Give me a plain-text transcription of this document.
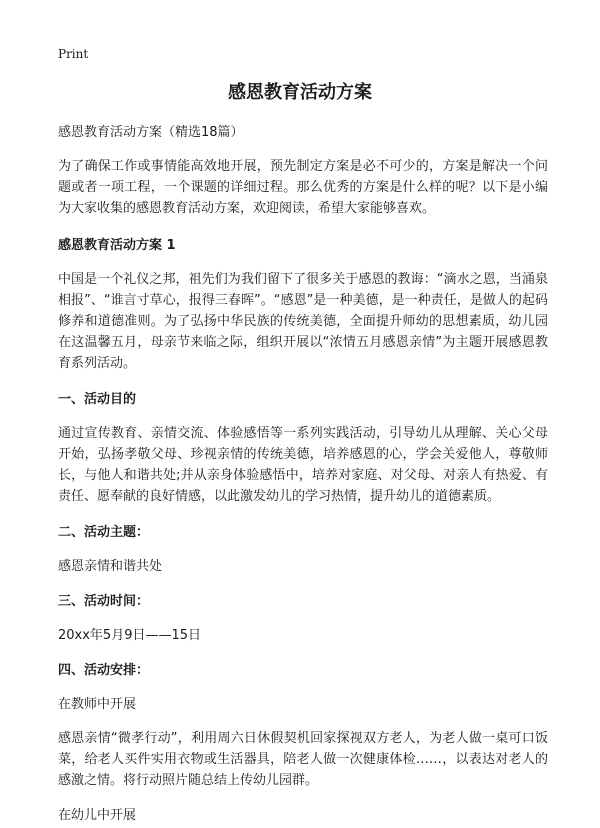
Print
感恩教育活动方案

感恩教育活动方案（精选18篇）

为了确保工作或事情能高效地开展，预先制定方案是必不可少的，方案是解决一个问题或者一项工程，一个课题的详细过程。那么优秀的方案是什么样的呢？以下是小编为大家收集的感恩教育活动方案，欢迎阅读，希望大家能够喜欢。

感恩教育活动方案 1

中国是一个礼仪之邦，祖先们为我们留下了很多关于感恩的教诲：“滴水之恩，当涌泉相报”、“谁言寸草心，报得三春晖”。“感恩”是一种美德，是一种责任，是做人的起码修养和道德准则。为了弘扬中华民族的传统美德，全面提升师幼的思想素质，幼儿园在这温馨五月，母亲节来临之际，组织开展以“浓情五月感恩亲情”为主题开展感恩教育系列活动。

一、活动目的

通过宣传教育、亲情交流、体验感悟等一系列实践活动，引导幼儿从理解、关心父母开始，弘扬孝敬父母、珍视亲情的传统美德，培养感恩的心，学会关爱他人，尊敬师长，与他人和谐共处;并从亲身体验感悟中，培养对家庭、对父母、对亲人有热爱、有责任、愿奉献的良好情感，以此激发幼儿的学习热情，提升幼儿的道德素质。

二、活动主题：

感恩亲情和谐共处

三、活动时间：

20xx年5月9日——15日

四、活动安排：

在教师中开展

感恩亲情“微孝行动”，利用周六日休假契机回家探视双方老人，为老人做一桌可口饭菜，给老人买件实用衣物或生活器具，陪老人做一次健康体检……，以表达对老人的感激之情。将行动照片随总结上传幼儿园群。

在幼儿中开展
